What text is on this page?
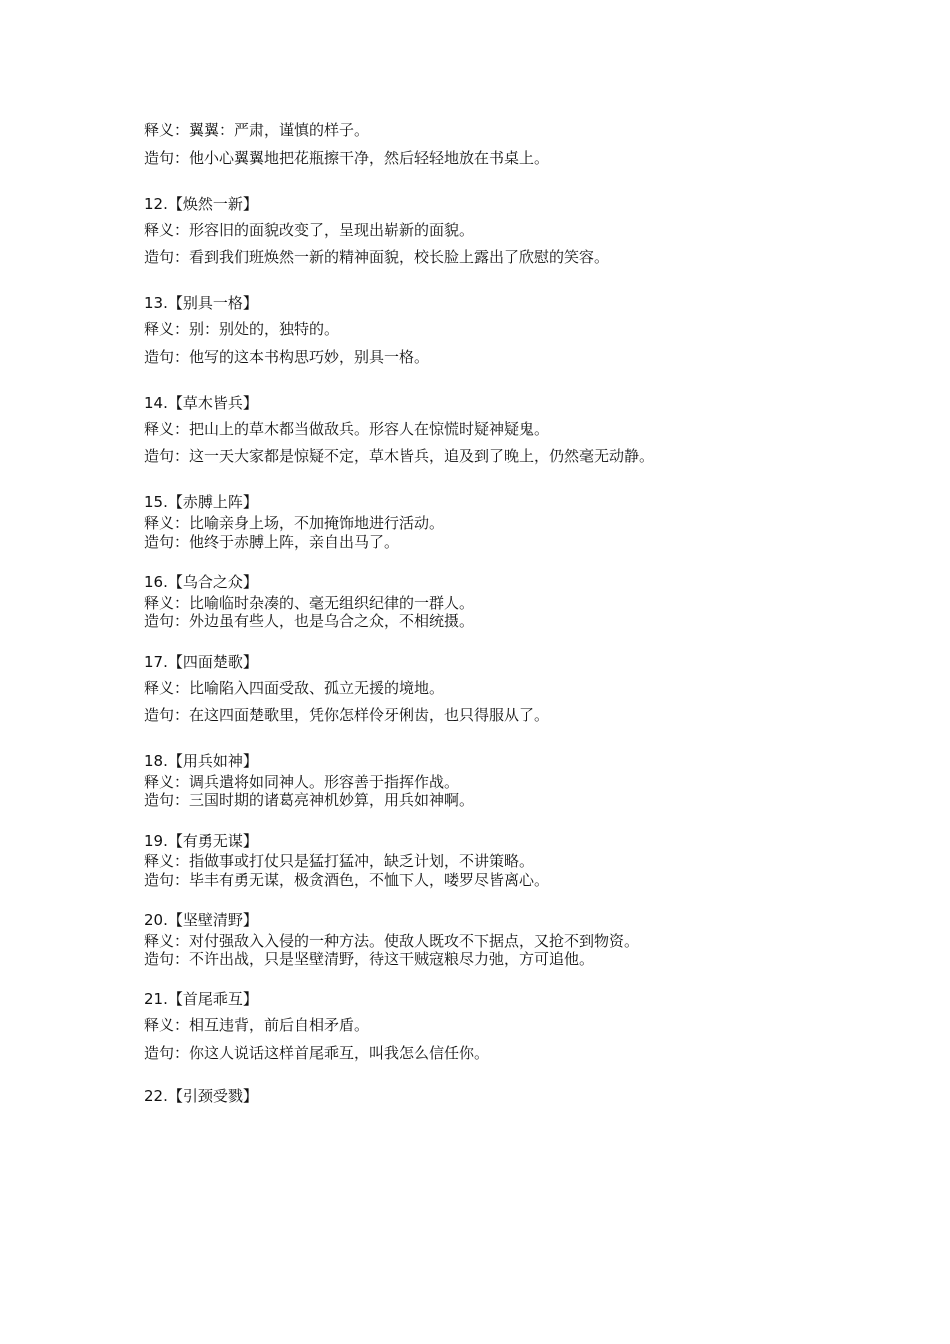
释义：翼翼：严肃，谨慎的样子。
造句：他小心翼翼地把花瓶擦干净，然后轻轻地放在书桌上。
12.【焕然一新】
释义：形容旧的面貌改变了，呈现出崭新的面貌。
造句：看到我们班焕然一新的精神面貌，校长脸上露出了欣慰的笑容。
13.【别具一格】
释义：别：别处的，独特的。
造句：他写的这本书构思巧妙，别具一格。
14.【草木皆兵】
释义：把山上的草木都当做敌兵。形容人在惊慌时疑神疑鬼。
造句：这一天大家都是惊疑不定，草木皆兵，追及到了晚上，仍然毫无动静。
15.【赤膊上阵】
释义：比喻亲身上场，不加掩饰地进行活动。
造句：他终于赤膊上阵，亲自出马了。
16.【乌合之众】
释义：比喻临时杂凑的、毫无组织纪律的一群人。
造句：外边虽有些人，也是乌合之众，不相统摄。
17.【四面楚歌】
释义：比喻陷入四面受敌、孤立无援的境地。
造句：在这四面楚歌里，凭你怎样伶牙俐齿，也只得服从了。
18.【用兵如神】
释义：调兵遣将如同神人。形容善于指挥作战。
造句：三国时期的诸葛亮神机妙算，用兵如神啊。
19.【有勇无谋】
释义：指做事或打仗只是猛打猛冲，缺乏计划，不讲策略。
造句：毕丰有勇无谋，极贪酒色，不恤下人，喽罗尽皆离心。
20.【坚壁清野】
释义：对付强敌入入侵的一种方法。使敌人既攻不下据点，又抢不到物资。
造句：不许出战，只是坚壁清野，待这干贼寇粮尽力弛，方可追他。
21.【首尾乖互】
释义：相互违背，前后自相矛盾。
造句：你这人说话这样首尾乖互，叫我怎么信任你。
22.【引颈受戮】
